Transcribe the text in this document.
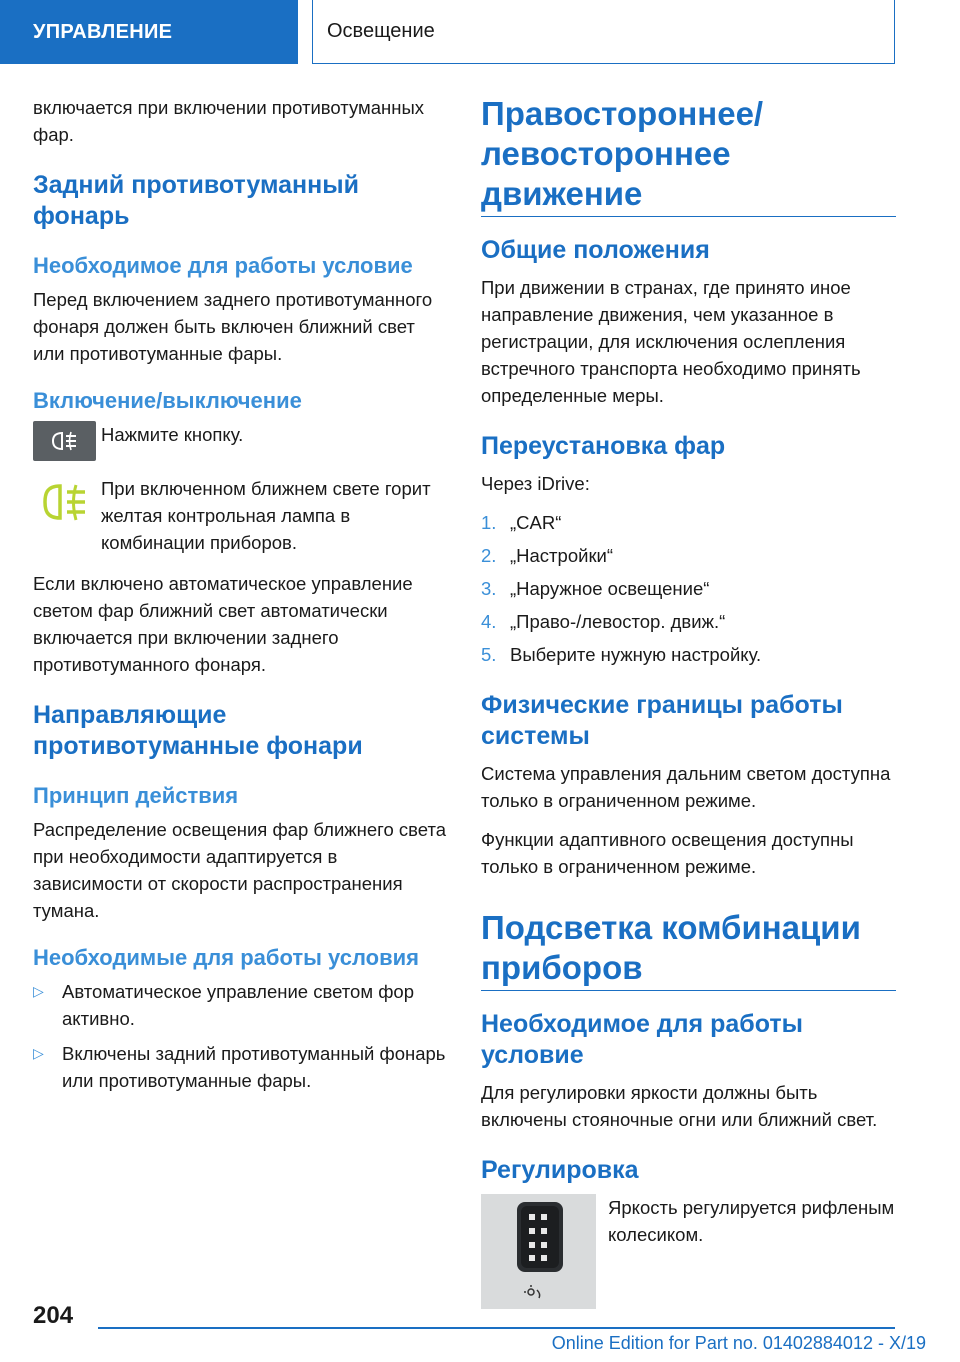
УПРАВЛЕНИЕ	Освещение

включается при включении противотуманных фар.

Задний противотуманный фонарь
Необходимое для работы условие

Перед включением заднего противотуманного фонаря должен быть включен ближний свет или противотуманные фары.

Включение/выключение

Нажмите кнопку.

При включенном ближнем свете горит желтая контрольная лампа в комбинации приборов.

Если включено автоматическое управление светом фар ближний свет автоматически включается при включении заднего противотуманного фонаря.

Направляющие противотуманные фонари
Принцип действия

Распределение освещения фар ближнего света при необходимости адаптируется в зависимости от скорости распространения тумана.

Необходимые для работы условия
▷ Автоматическое управление светом фор активно.
▷ Включены задний противотуманный фонарь или противотуманные фары.
Правостороннее/левостороннее движение
Общие положения

При движении в странах, где принято иное направление движения, чем указанное в регистрации, для исключения ослепления встречного транспорта необходимо принять определенные меры.

Переустановка фар

Через iDrive:

1. „CAR“
2. „Настройки“
3. „Наружное освещение“
4. „Право-/левостор. движ.“
5. Выберите нужную настройку.
Физические границы работы системы

Система управления дальним светом доступна только в ограниченном режиме.

Функции адаптивного освещения доступны только в ограниченном режиме.

Подсветка комбинации приборов
Необходимое для работы условие

Для регулировки яркости должны быть включены стояночные огни или ближний свет.

Регулировка

Яркость регулируется рифленым колесиком.

204
Online Edition for Part no. 01402884012 - X/19
